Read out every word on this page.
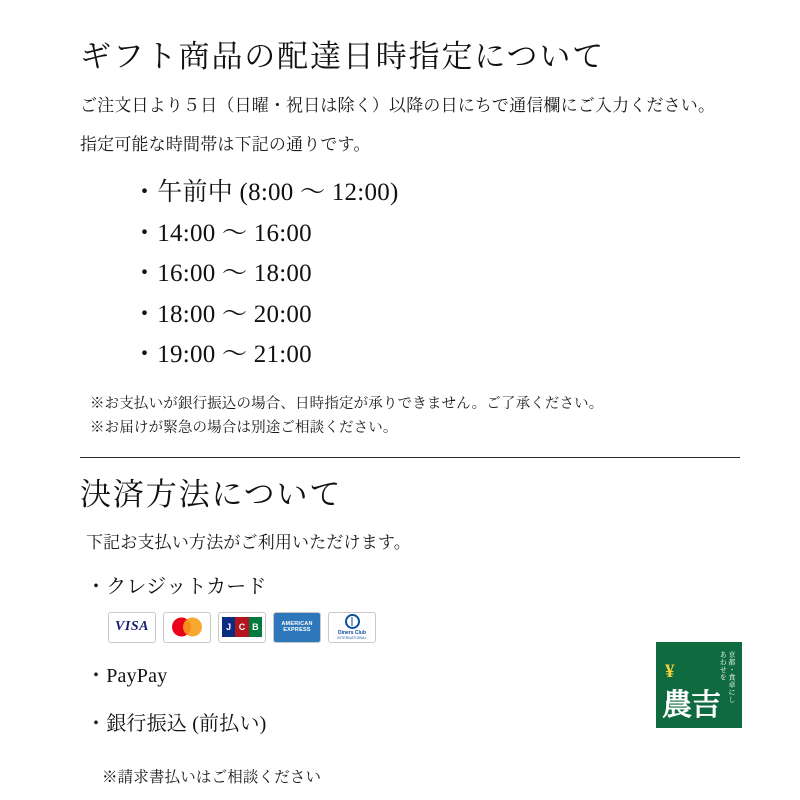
ギフト商品の配達日時指定について

ご注文日より５日（日曜・祝日は除く）以降の日にちで通信欄にご入力ください。

指定可能な時間帯は下記の通りです。

・午前中 (8:00 〜 12:00)
・14:00 〜 16:00
・16:00 〜 18:00
・18:00 〜 20:00
・19:00 〜 21:00
※お支払いが銀行振込の場合、日時指定が承りできません。ご了承ください。
※お届けが緊急の場合は別途ご相談ください。
決済方法について

下記お支払い方法がご利用いただけます。

・クレジットカード
VISA	J C B	AMERICAN
EXPRESS	Diners Club
INTERNATIONAL
・PayPay
・銀行振込 (前払い)
※請求書払いはご相談ください
¥	京都・食卓にしあわせを
農吉
